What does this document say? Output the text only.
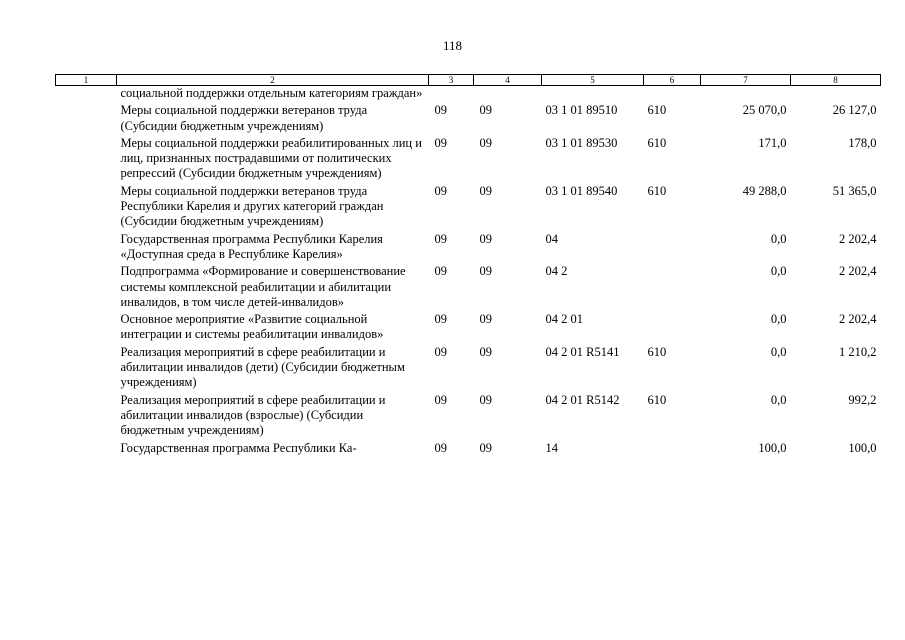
118
1	2	3	4	5	6	7	8
	социальной поддержки отдельным категориям граждан»						
	Меры социальной поддержки ветеранов труда (Субсидии бюджетным учреждениям)	09	09	03 1 01 89510	610	25 070,0	26 127,0
	Меры социальной поддержки реабилитированных лиц и лиц, признанных пострадавшими от политических репрессий (Субсидии бюджетным учреждениям)	09	09	03 1 01 89530	610	171,0	178,0
	Меры социальной поддержки ветеранов труда Республики Карелия и других категорий граждан (Субсидии бюджетным учреждениям)	09	09	03 1 01 89540	610	49 288,0	51 365,0
	Государственная программа Республики Карелия «Доступная среда в Республике Карелия»	09	09	04		0,0	2 202,4
	Подпрограмма «Формирование и совершенствование системы комплексной реабилитации и абилитации инвалидов, в том числе детей-инвалидов»	09	09	04 2		0,0	2 202,4
	Основное мероприятие «Развитие социальной интеграции и системы реабилитации инвалидов»	09	09	04 2 01		0,0	2 202,4
	Реализация мероприятий в сфере реабилитации и абилитации инвалидов (дети) (Субсидии бюджетным учреждениям)	09	09	04 2 01 R5141	610	0,0	1 210,2
	Реализация мероприятий в сфере реабилитации и абилитации инвалидов (взрослые) (Субсидии бюджетным учреждениям)	09	09	04 2 01 R5142	610	0,0	992,2
	Государственная программа Республики Ка-	09	09	14		100,0	100,0
